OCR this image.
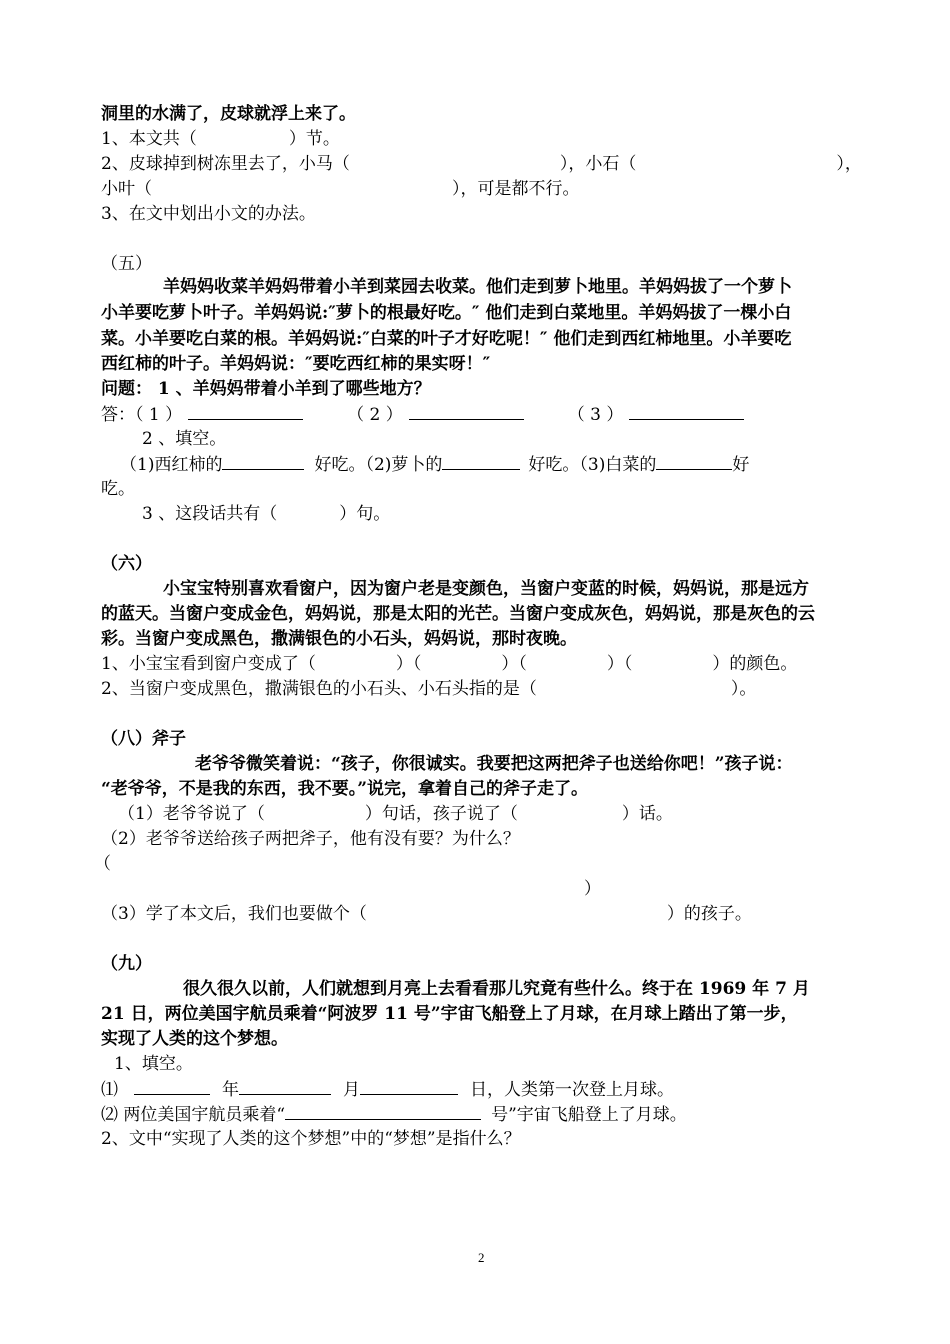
洞里的水满了，皮球就浮上来了。
1、本文共（	）节。
2、皮球掉到树冻里去了，小马（	），小石（	），
小叶（	），可是都不行。
3、在文中划出小文的办法。
（五）
羊妈妈收菜羊妈妈带着小羊到菜园去收菜。他们走到萝卜地里。羊妈妈拔了一个萝卜
小羊要吃萝卜叶子。羊妈妈说:″萝卜的根最好吃。″ 他们走到白菜地里。羊妈妈拔了一棵小白
菜。小羊要吃白菜的根。羊妈妈说:″白菜的叶子才好吃呢！″ 他们走到西红柿地里。小羊要吃
西红柿的叶子。羊妈妈说：″要吃西红柿的果实呀！″
问题： 1 、羊妈妈带着小羊到了哪些地方？
答：（ 1 ）	（ 2 ）	（ 3 ）
2 、填空。
（1)西红柿的	好吃。（2)萝卜的	好吃。（3)白菜的	好
吃。
3 、这段话共有（	）句。
（六）
小宝宝特别喜欢看窗户，因为窗户老是变颜色，当窗户变蓝的时候，妈妈说，那是远方
的蓝天。当窗户变成金色，妈妈说，那是太阳的光芒。当窗户变成灰色，妈妈说，那是灰色的云
彩。当窗户变成黑色，撒满银色的小石头，妈妈说，那时夜晚。
1、小宝宝看到窗户变成了（	）（	）（	）（	）的颜色。
2、当窗户变成黑色，撒满银色的小石头、小石头指的是（	）。
（八）斧子
老爷爷微笑着说：“孩子，你很诚实。我要把这两把斧子也送给你吧！”孩子说：
“老爷爷，不是我的东西，我不要。”说完，拿着自己的斧子走了。
（1）老爷爷说了（	）句话，孩子说了（	）话。
（2）老爷爷送给孩子两把斧子，他有没有要？为什么？
（
）
（3）学了本文后，我们也要做个（	）的孩子。
（九）
很久很久以前，人们就想到月亮上去看看那儿究竟有些什么。终于在 1969 年 7 月
21 日，两位美国宇航员乘着“阿波罗 11 号”宇宙飞船登上了月球，在月球上踏出了第一步，
实现了人类的这个梦想。
1、填空。
⑴	年	月	日，人类第一次登上月球。
⑵ 两位美国宇航员乘着“	号”宇宙飞船登上了月球。
2、文中“实现了人类的这个梦想”中的“梦想”是指什么？
2
